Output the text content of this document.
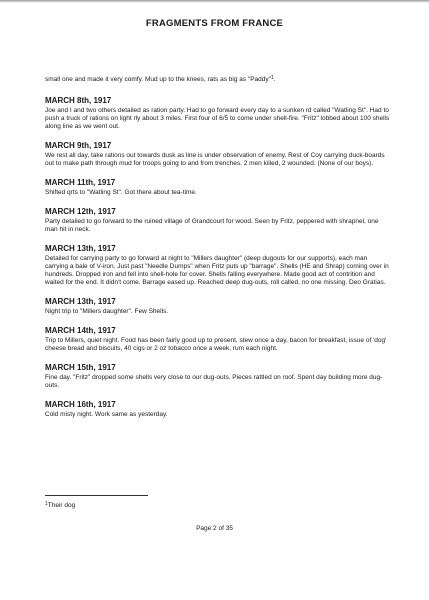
FRAGMENTS FROM FRANCE

small one and made it very comfy. Mud up to the knees, rats as big as "Paddy"$^1$.

MARCH 8th, 1917

Joe and I and two others detailed as ration party. Had to go forward every day to a sunken rd called "Watling St". Had to push a truck of rations on light rly about 3 miles. First four of 6/5 to come under shell-fire. "Fritz" lobbed about 100 shells along line as we went out.

MARCH 9th, 1917

We rest all day, take rations out towards dusk as line is under observation of enemy. Rest of Coy carrying duck-boards out to make path through mud for troops going to and from trenches. 2 men killed, 2 wounded. (None of our boys).

MARCH 11th, 1917

Shifted qrts to "Watling St". Got there about tea-time.

MARCH 12th, 1917

Party detailed to go forward to the ruined village of Grandcourt for wood. Seen by Fritz, peppered with shrapnel, one man hit in neck.

MARCH 13th, 1917

Detailed for carrying party to go forward at night to "Millers daughter" (deep dugouts for our supports), each man carrying a bale of V-iron. Just past "Needle Dumps" when Fritz puts up "barrage". Shells (HE and Shrap) coming over in hundreds. Dropped iron and fell into shell-hole for cover. Shells falling everywhere. Made good act of contrition and waited for the end. It didn't come. Barrage eased up. Reached deep dug-outs, roll called, no one missing. Deo Gratias.

MARCH 13th, 1917

Night trip to "Millers daughter". Few Shells.

MARCH 14th, 1917

Trip to Millers, quiet night. Food has been fairly good up to present, stew once a day, bacon for breakfast, issue of 'dog' cheese bread and biscuits, 40 cigs or 2 oz tobacco once a week, rum each night.

MARCH 15th, 1917

Fine day. "Fritz" dropped some shells very close to our dug-outs. Pieces rattled on roof. Spent day building more dug-outs.

MARCH 16th, 1917

Cold misty night. Work same as yesterday.

$^1$Their dog
Page 2 of 35
